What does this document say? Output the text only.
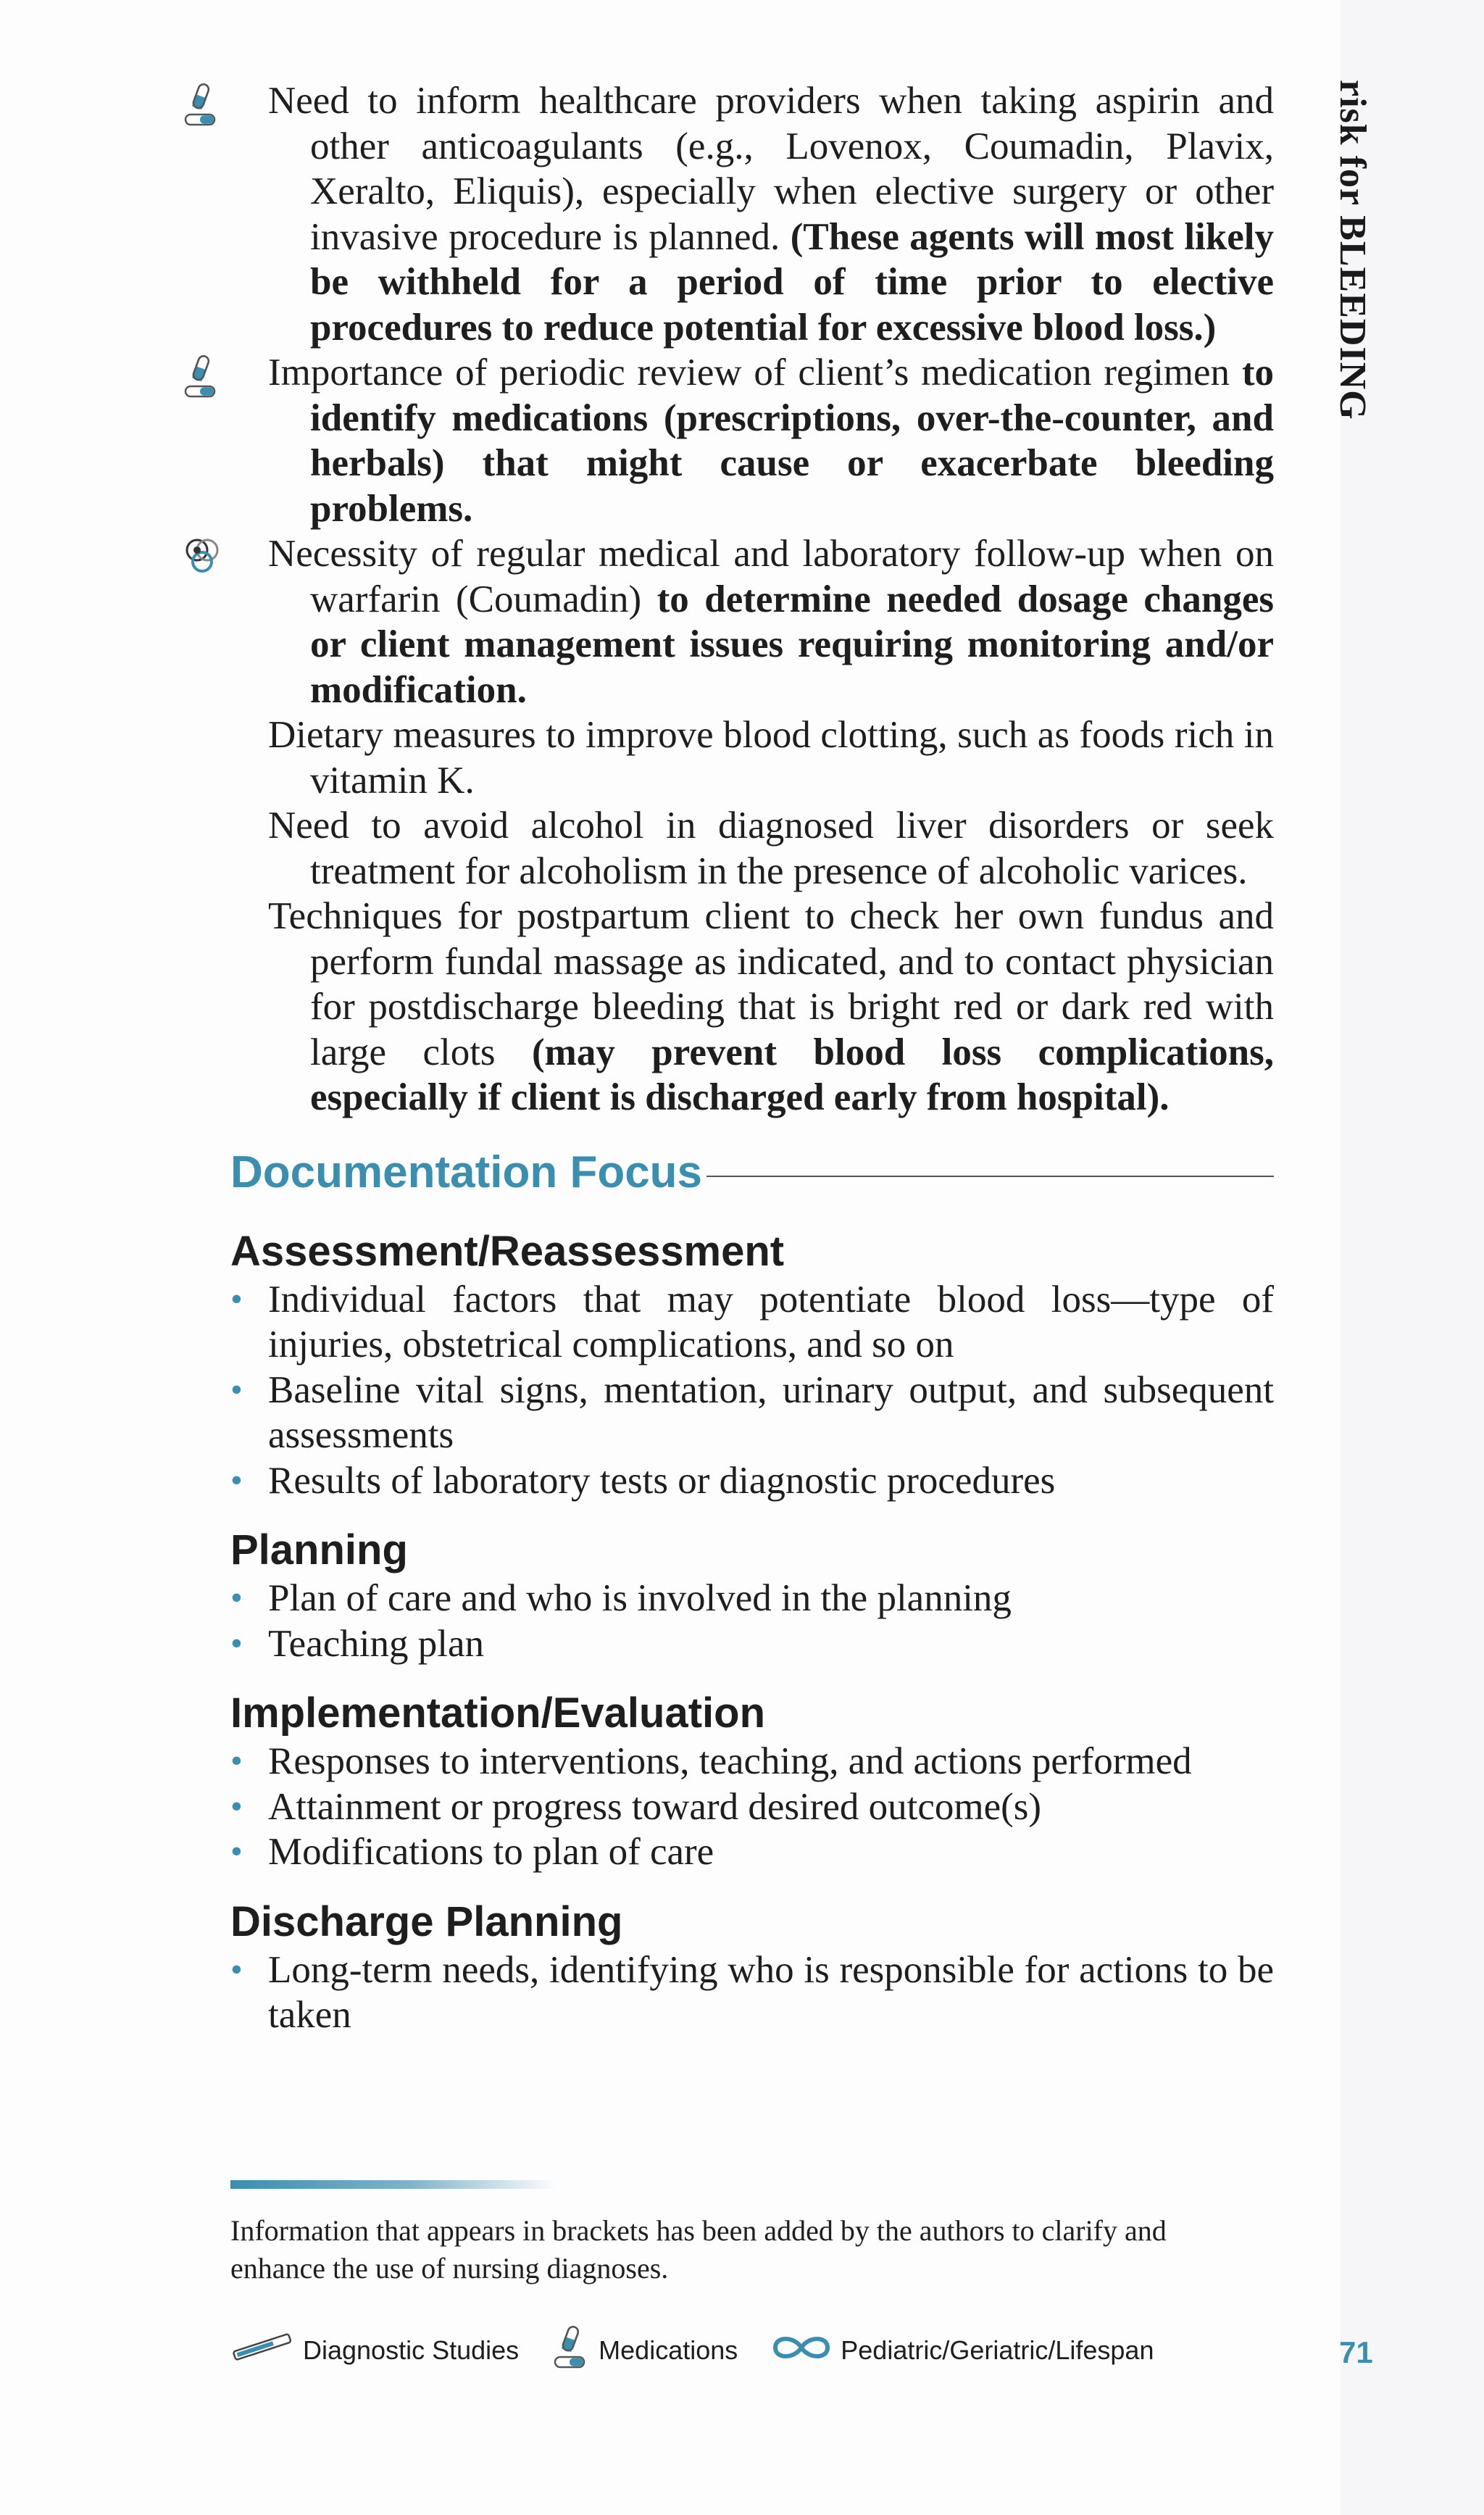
risk for BLEEDING
Need to inform healthcare providers when taking aspirin and other anticoagulants (e.g., Lovenox, Coumadin, Plavix, Xeralto, Eliquis), especially when elective surgery or other invasive procedure is planned. (These agents will most likely be withheld for a period of time prior to elective procedures to reduce potential for excessive blood loss.)
Importance of periodic review of client’s medication regimen to identify medications (prescriptions, over-the-counter, and herbals) that might cause or exacerbate bleeding problems.
Necessity of regular medical and laboratory follow-up when on warfarin (Coumadin) to determine needed dosage changes or client management issues requiring monitoring and/or modification.
Dietary measures to improve blood clotting, such as foods rich in vitamin K.
Need to avoid alcohol in diagnosed liver disorders or seek treatment for alcoholism in the presence of alcoholic varices.
Techniques for postpartum client to check her own fundus and perform fundal massage as indicated, and to contact physician for postdischarge bleeding that is bright red or dark red with large clots (may prevent blood loss complications, especially if client is discharged early from hospital).
Documentation Focus
Assessment/Reassessment
• Individual factors that may potentiate blood loss—type of injuries, obstetrical complications, and so on
• Baseline vital signs, mentation, urinary output, and subsequent assessments
• Results of laboratory tests or diagnostic procedures
Planning
• Plan of care and who is involved in the planning
• Teaching plan
Implementation/Evaluation
• Responses to interventions, teaching, and actions performed
• Attainment or progress toward desired outcome(s)
• Modifications to plan of care
Discharge Planning
• Long-term needs, identifying who is responsible for actions to be taken
Information that appears in brackets has been added by the authors to clarify and enhance the use of nursing diagnoses.
Diagnostic Studies	Medications	Pediatric/Geriatric/Lifespan	71
